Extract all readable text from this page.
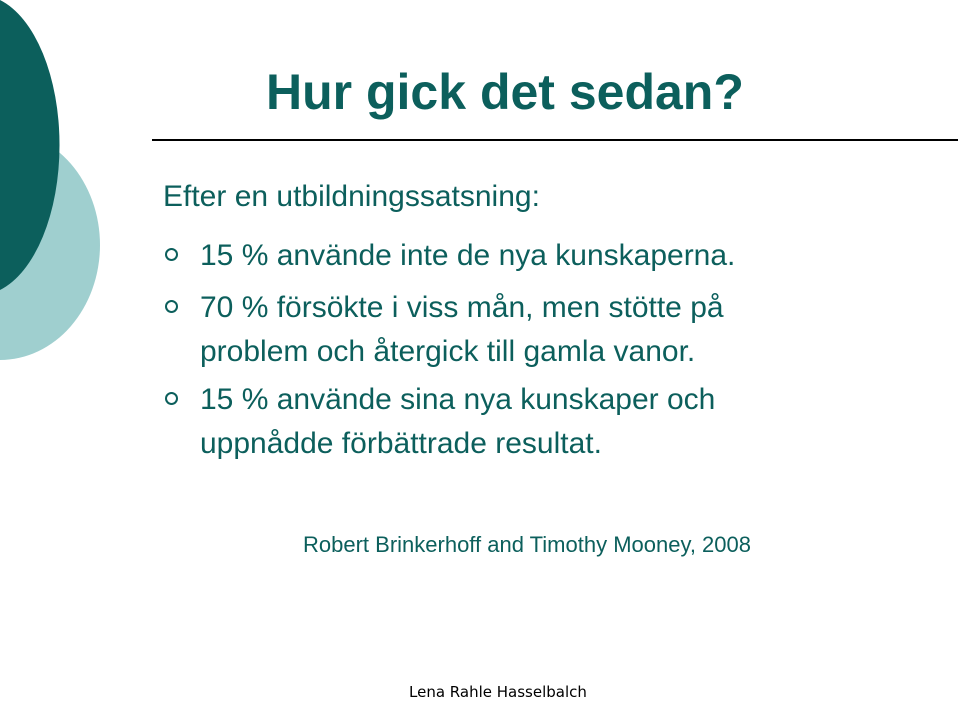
Hur gick det sedan?
Efter en utbildningssatsning:
15 % använde inte de nya kunskaperna.
70 % försökte i viss mån, men stötte på
problem och återgick till gamla vanor.
15 % använde sina nya kunskaper och
uppnådde förbättrade resultat.
Robert Brinkerhoff and Timothy Mooney, 2008
Lena Rahle Hasselbalch
